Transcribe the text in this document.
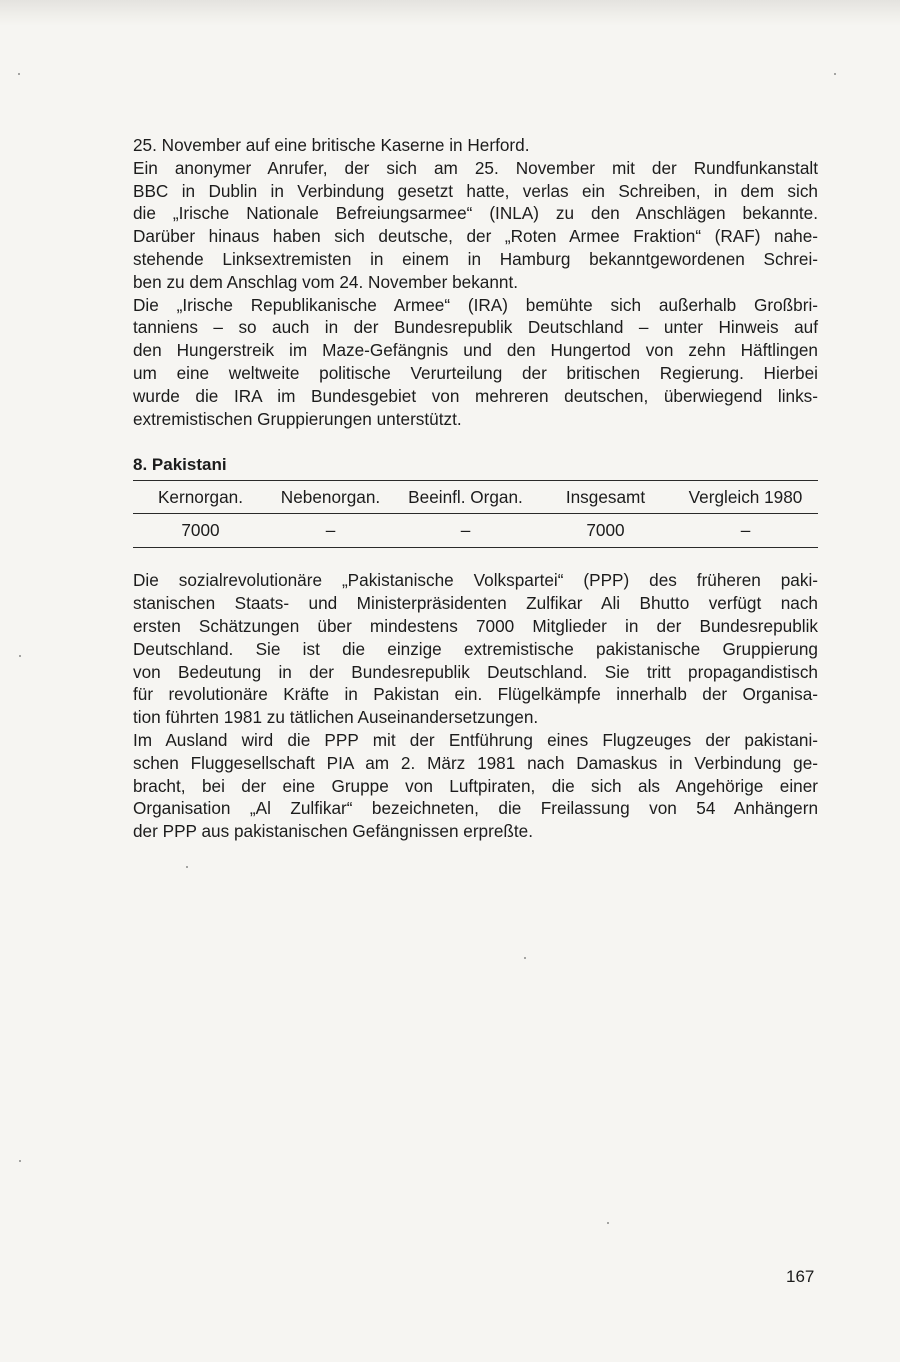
25. November auf eine britische Kaserne in Herford.
Ein anonymer Anrufer, der sich am 25. November mit der Rundfunkanstalt
BBC in Dublin in Verbindung gesetzt hatte, verlas ein Schreiben, in dem sich
die „Irische Nationale Befreiungsarmee“ (INLA) zu den Anschlägen bekannte.
Darüber hinaus haben sich deutsche, der „Roten Armee Fraktion“ (RAF) nahe-
stehende Linksextremisten in einem in Hamburg bekanntgewordenen Schrei-
ben zu dem Anschlag vom 24. November bekannt.
Die „Irische Republikanische Armee“ (IRA) bemühte sich außerhalb Großbri-
tanniens – so auch in der Bundesrepublik Deutschland – unter Hinweis auf
den Hungerstreik im Maze-Gefängnis und den Hungertod von zehn Häftlingen
um eine weltweite politische Verurteilung der britischen Regierung. Hierbei
wurde die IRA im Bundesgebiet von mehreren deutschen, überwiegend links-
extremistischen Gruppierungen unterstützt.

8. Pakistani
Kernorgan.	Nebenorgan.	Beeinfl. Organ.	Insgesamt	Vergleich 1980
7000	–	–	7000	–

Die sozialrevolutionäre „Pakistanische Volkspartei“ (PPP) des früheren paki-
stanischen Staats- und Ministerpräsidenten Zulfikar Ali Bhutto verfügt nach
ersten Schätzungen über mindestens 7000 Mitglieder in der Bundesrepublik
Deutschland. Sie ist die einzige extremistische pakistanische Gruppierung
von Bedeutung in der Bundesrepublik Deutschland. Sie tritt propagandistisch
für revolutionäre Kräfte in Pakistan ein. Flügelkämpfe innerhalb der Organisa-
tion führten 1981 zu tätlichen Auseinandersetzungen.
Im Ausland wird die PPP mit der Entführung eines Flugzeuges der pakistani-
schen Fluggesellschaft PIA am 2. März 1981 nach Damaskus in Verbindung ge-
bracht, bei der eine Gruppe von Luftpiraten, die sich als Angehörige einer
Organisation „Al Zulfikar“ bezeichneten, die Freilassung von 54 Anhängern
der PPP aus pakistanischen Gefängnissen erpreßte.

167
